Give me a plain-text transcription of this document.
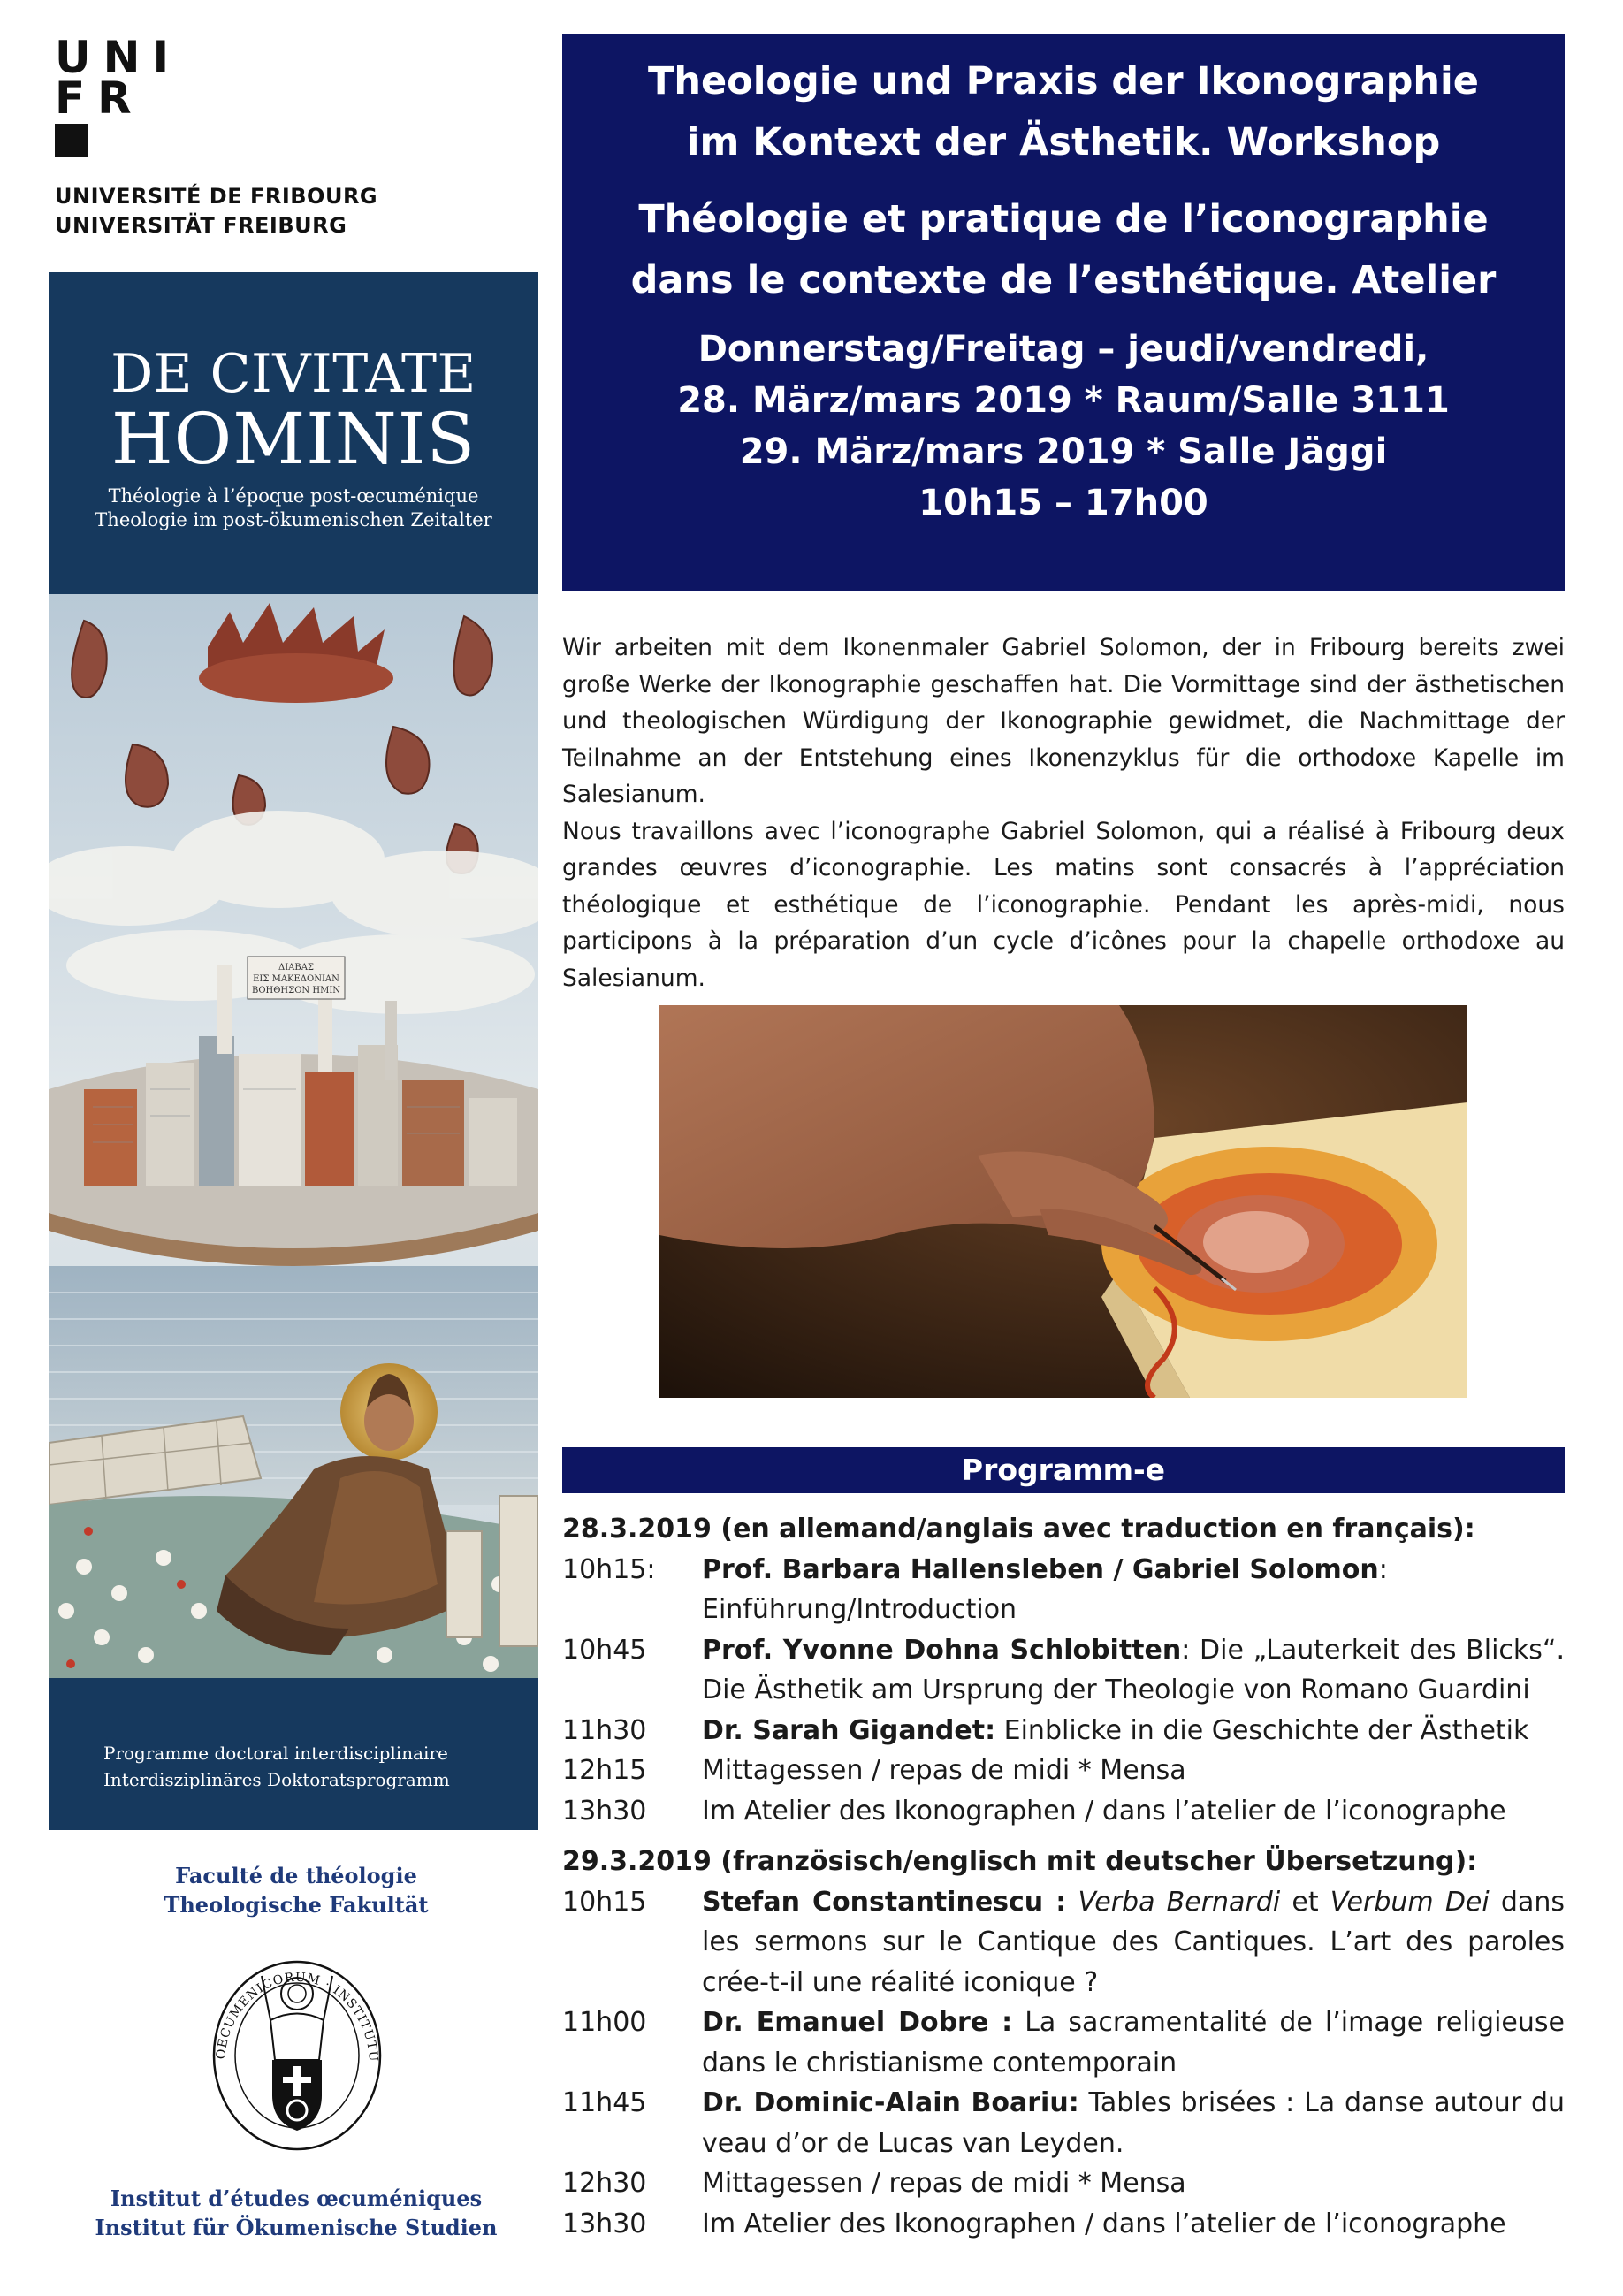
UNI
FR
UNIVERSITÉ DE FRIBOURG
UNIVERSITÄT FREIBURG
DE CIVITATE
HOMINIS
Théologie à l’époque post-œcuménique
Theologie im post-ökumenischen Zeitalter
ΔΙΑΒΑΣ
ΕΙΣ ΜΑΚΕΔΟΝΙΑΝ
ΒΟΗΘΗΣΟΝ ΗΜΙΝ
Programme doctoral interdisciplinaire
Interdisziplinäres Doktoratsprogramm
Faculté de théologie
Theologische Fakultät
OECUMENICORUM · INSTITUTU
Institut d’études œcuméniques
Institut für Ökumenische Studien
Theologie und Praxis der Ikonographie
im Kontext der Ästhetik. Workshop
Théologie et pratique de l’iconographie
dans le contexte de l’esthétique. Atelier
Donnerstag/Freitag – jeudi/vendredi,
28. März/mars 2019 * Raum/Salle 3111
29. März/mars 2019 * Salle Jäggi
10h15 – 17h00

Wir arbeiten mit dem Ikonenmaler Gabriel Solomon, der in Fribourg bereits zwei große Werke der Ikonographie geschaffen hat. Die Vormittage sind der ästhetischen und theologischen Würdigung der Ikonographie gewidmet, die Nachmittage der Teilnahme an der Entstehung eines Ikonenzyklus für die orthodoxe Kapelle im Salesianum.

Nous travaillons avec l’iconographe Gabriel Solomon, qui a réalisé à Fribourg deux grandes œuvres d’iconographie. Les matins sont consacrés à l’appréciation théologique et esthétique de l’iconographie. Pendant les après-midi, nous participons à la préparation d’un cycle d’icônes pour la chapelle orthodoxe au Salesianum.

Programm-e
28.3.2019 (en allemand/anglais avec traduction en français):
10h15:	Prof. Barbara Hallensleben / Gabriel Solomon:
Einführung/Introduction
10h45	Prof. Yvonne Dohna Schlobitten: Die „Lauterkeit des Blicks“. Die Ästhetik am Ursprung der Theologie von Romano Guardini
11h30	Dr. Sarah Gigandet: Einblicke in die Geschichte der Ästhetik
12h15	Mittagessen / repas de midi * Mensa
13h30	Im Atelier des Ikonographen / dans l’atelier de l’iconographe
29.3.2019 (französisch/englisch mit deutscher Übersetzung):
10h15	Stefan Constantinescu : Verba Bernardi et Verbum Dei dans les sermons sur le Cantique des Cantiques. L’art des paroles crée-t-il une réalité iconique ?
11h00	Dr. Emanuel Dobre : La sacramentalité de l’image religieuse dans le christianisme contemporain
11h45	Dr. Dominic-Alain Boariu: Tables brisées : La danse autour du veau d’or de Lucas van Leyden.
12h30	Mittagessen / repas de midi * Mensa
13h30	Im Atelier des Ikonographen / dans l’atelier de l’iconographe
